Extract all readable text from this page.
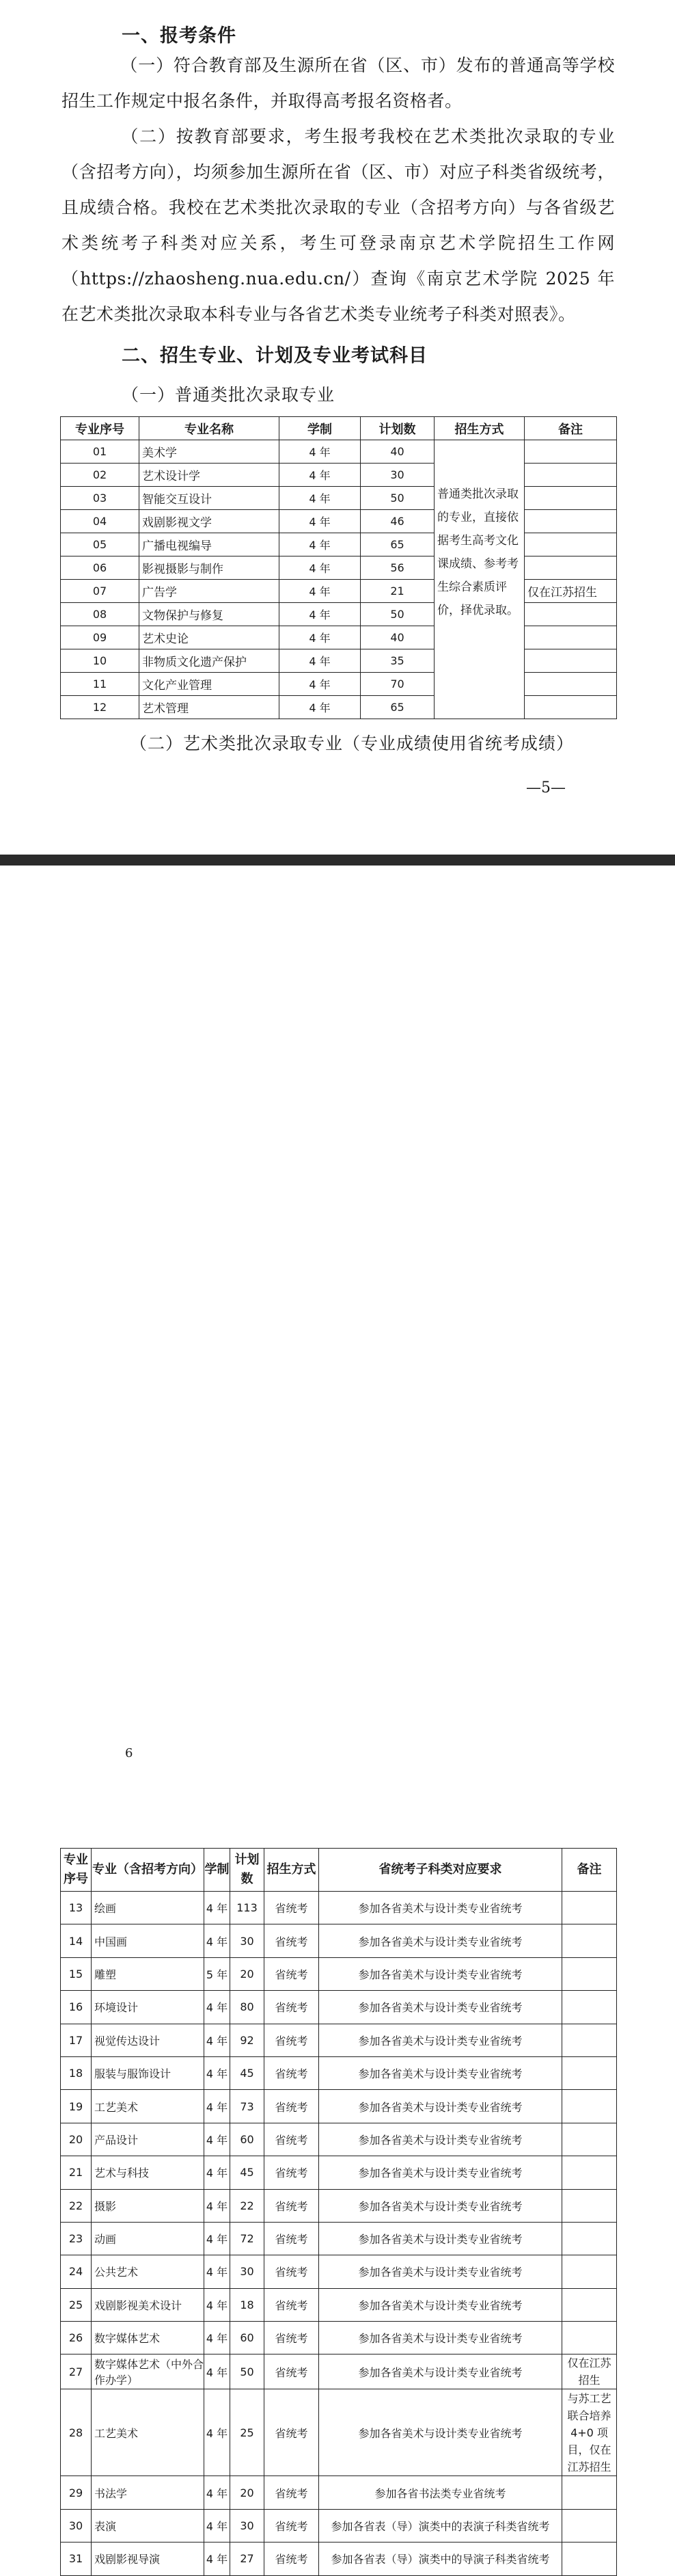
一、报考条件
（一）符合教育部及生源所在省（区、市）发布的普通高等学校招生工作规定中报名条件，并取得高考报名资格者。
（二）按教育部要求，考生报考我校在艺术类批次录取的专业（含招考方向），均须参加生源所在省（区、市）对应子科类省级统考，且成绩合格。我校在艺术类批次录取的专业（含招考方向）与各省级艺术类统考子科类对应关系，考生可登录南京艺术学院招生工作网（https://zhaosheng.nua.edu.cn/）查询《南京艺术学院 2025 年在艺术类批次录取本科专业与各省艺术类专业统考子科类对照表》。
二、招生专业、计划及专业考试科目
（一）普通类批次录取专业
专业序号	专业名称	学制	计划数	招生方式	备注
01	美术学	4 年	40	普通类批次录取的专业，直接依据考生高考文化课成绩、参考考生综合素质评价，择优录取。	
02	艺术设计学	4 年	30		
03	智能交互设计	4 年	50		
04	戏剧影视文学	4 年	46		
05	广播电视编导	4 年	65		
06	影视摄影与制作	4 年	56		
07	广告学	4 年	21		仅在江苏招生
08	文物保护与修复	4 年	50		
09	艺术史论	4 年	40		
10	非物质文化遗产保护	4 年	35		
11	文化产业管理	4 年	70		
12	艺术管理	4 年	65		
（二）艺术类批次录取专业（专业成绩使用省统考成绩）
—5—
专业序号	专业（含招考方向）	学制	计划数	招生方式	省统考子科类对应要求	备注
13	绘画	4 年	113	省统考	参加各省美术与设计类专业省统考	
14	中国画	4 年	30	省统考	参加各省美术与设计类专业省统考	
15	雕塑	5 年	20	省统考	参加各省美术与设计类专业省统考	
16	环境设计	4 年	80	省统考	参加各省美术与设计类专业省统考	
17	视觉传达设计	4 年	92	省统考	参加各省美术与设计类专业省统考	
18	服装与服饰设计	4 年	45	省统考	参加各省美术与设计类专业省统考	
19	工艺美术	4 年	73	省统考	参加各省美术与设计类专业省统考	
20	产品设计	4 年	60	省统考	参加各省美术与设计类专业省统考	
21	艺术与科技	4 年	45	省统考	参加各省美术与设计类专业省统考	
22	摄影	4 年	22	省统考	参加各省美术与设计类专业省统考	
23	动画	4 年	72	省统考	参加各省美术与设计类专业省统考	
24	公共艺术	4 年	30	省统考	参加各省美术与设计类专业省统考	
25	戏剧影视美术设计	4 年	18	省统考	参加各省美术与设计类专业省统考	
26	数字媒体艺术	4 年	60	省统考	参加各省美术与设计类专业省统考	
27	数字媒体艺术（中外合作办学）	4 年	50	省统考	参加各省美术与设计类专业省统考	仅在江苏招生
28	工艺美术	4 年	25	省统考	参加各省美术与设计类专业省统考	与苏工艺联合培养4+0 项目，仅在江苏招生
29	书法学	4 年	20	省统考	参加各省书法类专业省统考	
30	表演	4 年	30	省统考	参加各省表（导）演类中的表演子科类省统考	
31	戏剧影视导演	4 年	27	省统考	参加各省表（导）演类中的导演子科类省统考	
6
